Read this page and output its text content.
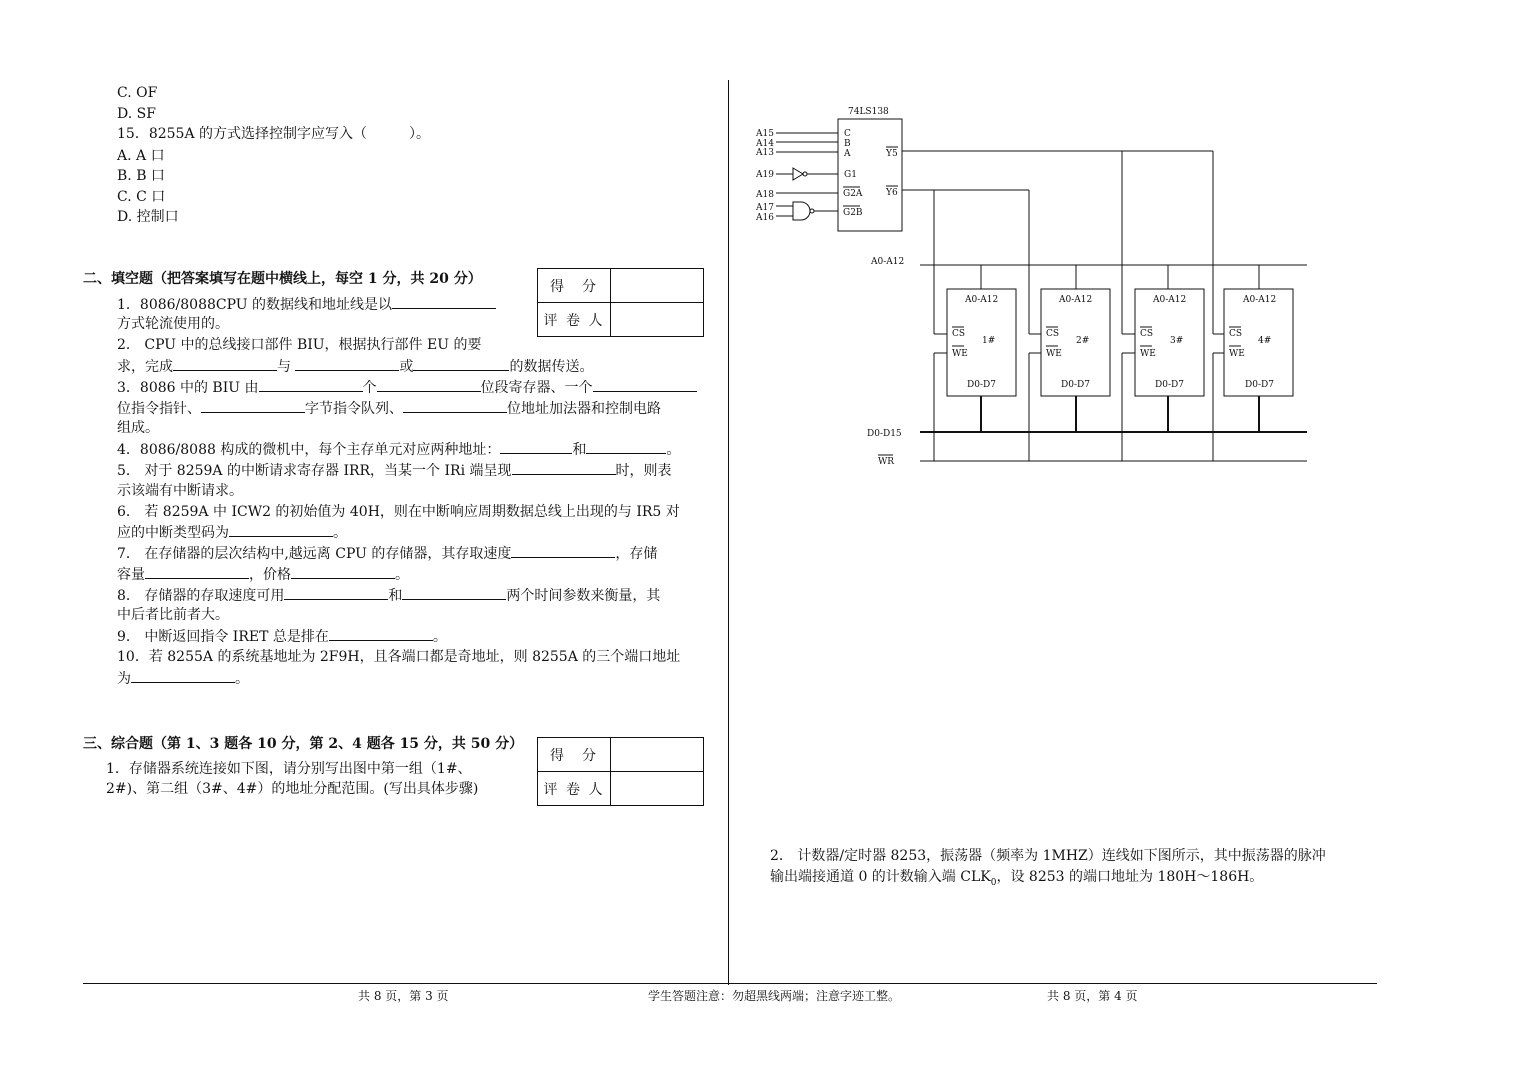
C. OF
D. SF
15．8255A 的方式选择控制字应写入（　　　）。
A. A 口
B. B 口
C. C 口
D. 控制口
二、填空题（把答案填写在题中横线上，每空 1 分，共 20 分）	得　分	
评 卷 人	
1．8086/8088CPU 的数据线和地址线是以
方式轮流使用的。
2． CPU 中的总线接口部件 BIU，根据执行部件 EU 的要
求，完成	与	或	的数据传送。
3．8086 中的 BIU 由	个	位段寄存器、一个
位指令指针、	字节指令队列、	位地址加法器和控制电路
组成。
4．8086/8088 构成的微机中，每个主存单元对应两种地址：	和	。
5． 对于 8259A 的中断请求寄存器 IRR，当某一个 IRi 端呈现	时，则表
示该端有中断请求。
6． 若 8259A 中 ICW2 的初始值为 40H，则在中断响应周期数据总线上出现的与 IR5 对
应的中断类型码为	。
7． 在存储器的层次结构中,越远离 CPU 的存储器，其存取速度	，存储
容量	，价格	。
8． 存储器的存取速度可用	和	两个时间参数来衡量，其
中后者比前者大。
9． 中断返回指令 IRET 总是排在	。
10．若 8255A 的系统基地址为 2F9H，且各端口都是奇地址，则 8255A 的三个端口地址
为	。
三、综合题（第 1、3 题各 10 分，第 2、4 题各 15 分，共 50 分）
得　分	
评 卷 人	
1．存储器系统连接如下图，请分别写出图中第一组（1#、
2#)、第二组（3#、4#）的地址分配范围。(写出具体步骤)
共 8 页，第 3 页	学生答题注意：勿超黑线两端；注意字迹工整。	共 8 页，第 4 页
74LS138
A15
A14
A13
A19
A18
A17
A16
C
B
A
G1
G2A
G2B
Y5
Y6
A0-A12
D0-D15
WR
A0-A12
CS
1#
WE
D0-D7
A0-A12
CS
2#
WE
D0-D7
A0-A12
CS
3#
WE
D0-D7
A0-A12
CS
4#
WE
D0-D7
2． 计数器/定时器 8253，振荡器（频率为 1MHZ）连线如下图所示，其中振荡器的脉冲
输出端接通道 0 的计数输入端 $CLK_0$，设 8253 的端口地址为 180H～186H。
